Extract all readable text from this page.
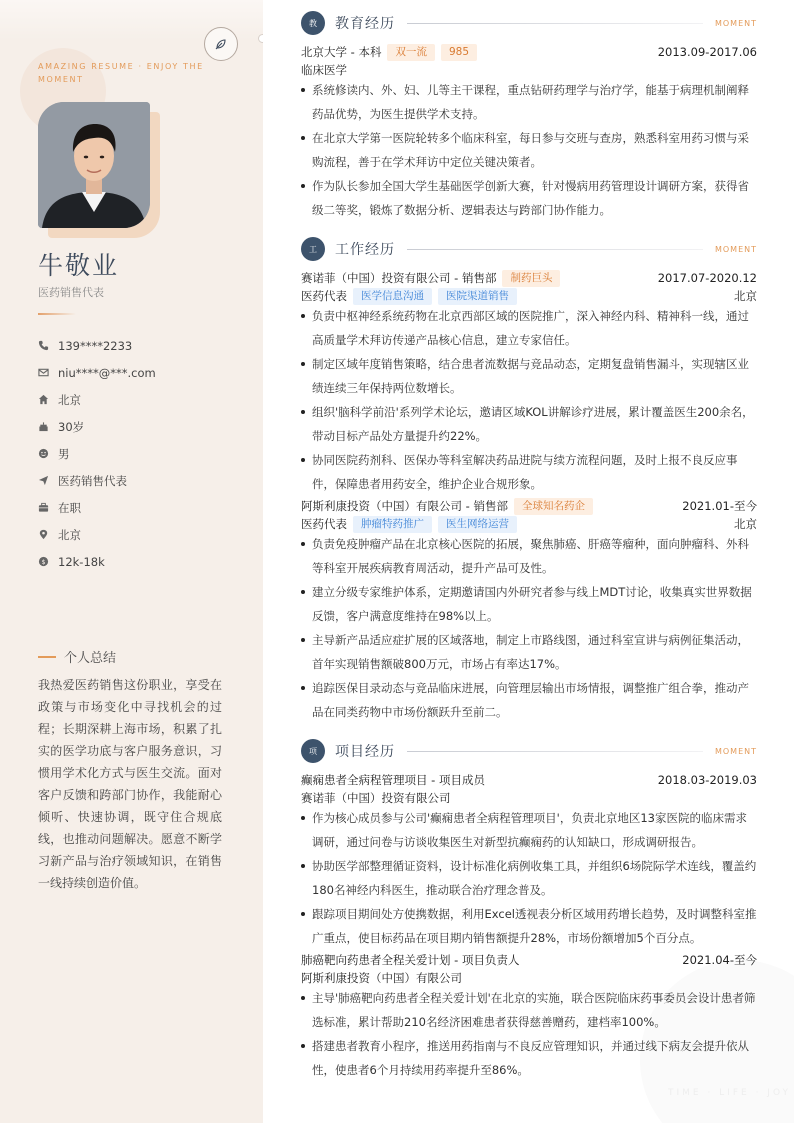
AMAZING RESUME · ENJOY THE MOMENT
牛敬业
医药销售代表
139****2233
niu****@***.com
北京
30岁
男
医药销售代表
在职
北京
$ 12k-18k
个人总结
我热爱医药销售这份职业，享受在政策与市场变化中寻找机会的过程；长期深耕上海市场，积累了扎实的医学功底与客户服务意识，习惯用学术化方式与医生交流。面对客户反馈和跨部门协作，我能耐心倾听、快速协调，既守住合规底线，也推动问题解决。愿意不断学习新产品与治疗领域知识，在销售一线持续创造价值。
TIME · LIFE · JOY
教	教育经历	MOMENT
北京大学 - 本科	双一流	985	2013.09-2017.06
临床医学
系统修读内、外、妇、儿等主干课程，重点钻研药理学与治疗学，能基于病理机制阐释药品优势，为医生提供学术支持。
在北京大学第一医院轮转多个临床科室，每日参与交班与查房，熟悉科室用药习惯与采购流程，善于在学术拜访中定位关键决策者。
作为队长参加全国大学生基础医学创新大赛，针对慢病用药管理设计调研方案，获得省级二等奖，锻炼了数据分析、逻辑表达与跨部门协作能力。
工	工作经历	MOMENT
赛诺菲（中国）投资有限公司 - 销售部	制药巨头	2017.07-2020.12
医药代表	医学信息沟通	医院渠道销售	北京
负责中枢神经系统药物在北京西部区域的医院推广，深入神经内科、精神科一线，通过高质量学术拜访传递产品核心信息，建立专家信任。
制定区域年度销售策略，结合患者流数据与竞品动态，定期复盘销售漏斗，实现辖区业绩连续三年保持两位数增长。
组织'脑科学前沿'系列学术论坛，邀请区域KOL讲解诊疗进展，累计覆盖医生200余名，带动目标产品处方量提升约22%。
协同医院药剂科、医保办等科室解决药品进院与续方流程问题，及时上报不良反应事件，保障患者用药安全，维护企业合规形象。
阿斯利康投资（中国）有限公司 - 销售部	全球知名药企	2021.01-至今
医药代表	肿瘤特药推广	医生网络运营	北京
负责免疫肿瘤产品在北京核心医院的拓展，聚焦肺癌、肝癌等瘤种，面向肿瘤科、外科等科室开展疾病教育周活动，提升产品可及性。
建立分级专家维护体系，定期邀请国内外研究者参与线上MDT讨论，收集真实世界数据反馈，客户满意度维持在98%以上。
主导新产品适应症扩展的区域落地，制定上市路线图，通过科室宣讲与病例征集活动，首年实现销售额破800万元，市场占有率达17%。
追踪医保目录动态与竞品临床进展，向管理层输出市场情报，调整推广组合拳，推动产品在同类药物中市场份额跃升至前二。
项	项目经历	MOMENT
癫痫患者全病程管理项目 - 项目成员	2018.03-2019.03
赛诺菲（中国）投资有限公司
作为核心成员参与公司'癫痫患者全病程管理项目'，负责北京地区13家医院的临床需求调研，通过问卷与访谈收集医生对新型抗癫痫药的认知缺口，形成调研报告。
协助医学部整理循证资料，设计标准化病例收集工具，并组织6场院际学术连线，覆盖约180名神经内科医生，推动联合治疗理念普及。
跟踪项目期间处方使携数据，利用Excel透视表分析区域用药增长趋势，及时调整科室推广重点，使目标药品在项目期内销售额提升28%，市场份额增加5个百分点。
肺癌靶向药患者全程关爱计划 - 项目负责人	2021.04-至今
阿斯利康投资（中国）有限公司
主导'肺癌靶向药患者全程关爱计划'在北京的实施，联合医院临床药事委员会设计患者筛选标准，累计帮助210名经济困难患者获得慈善赠药，建档率100%。
搭建患者教育小程序，推送用药指南与不良反应管理知识，并通过线下病友会提升依从性，使患者6个月持续用药率提升至86%。
